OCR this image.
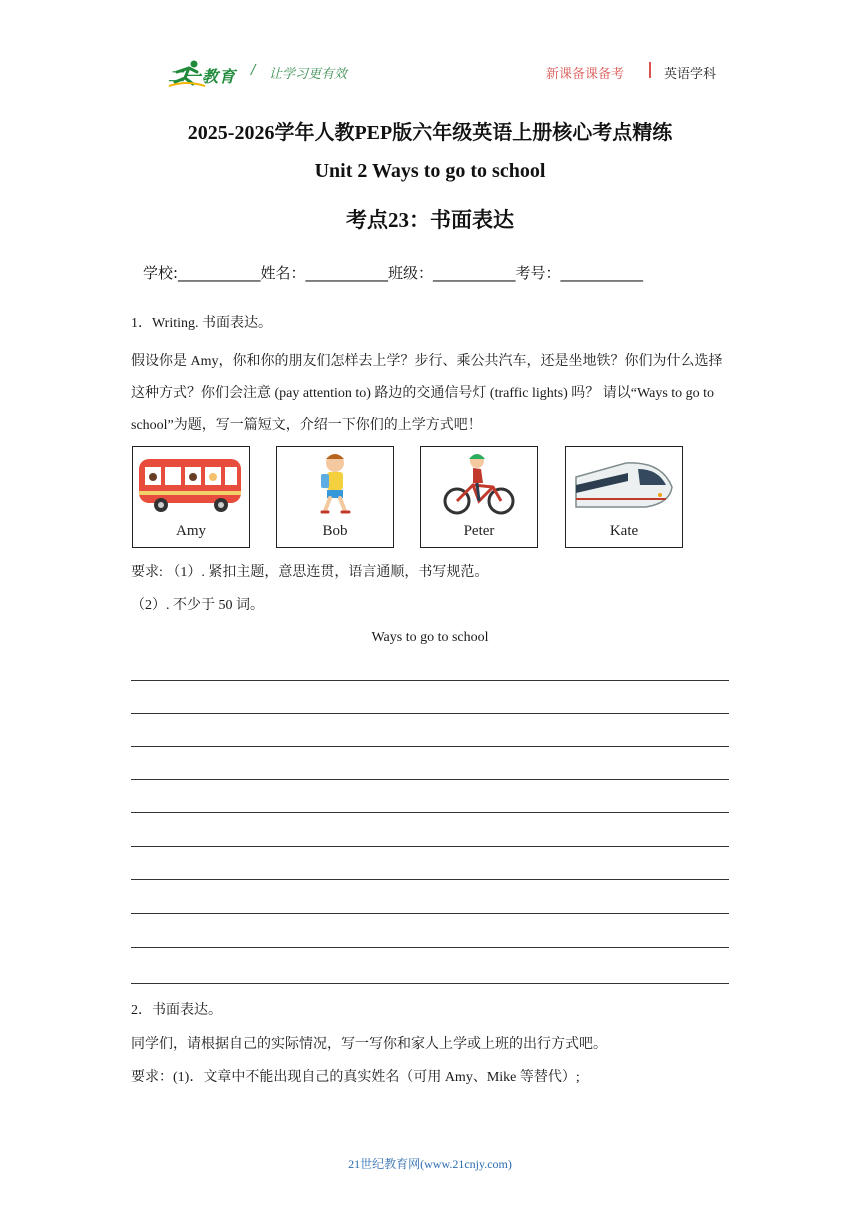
二一教育 / 让学习更有效	新课备课备考	英语学科
2025-2026学年人教PEP版六年级英语上册核心考点精练
Unit 2 Ways to go to school
考点23：书面表达
学校:___________姓名：___________班级：___________考号：___________
1．Writing. 书面表达。
假设你是 Amy，你和你的朋友们怎样去上学？步行、乘公共汽车，还是坐地铁？你们为什么选择这种方式？你们会注意 (pay attention to) 路边的交通信号灯 (traffic lights) 吗？ 请以“Ways to go to school”为题，写一篇短文，介绍一下你们的上学方式吧！
Amy	Bob	Peter	Kate
要求: （1）. 紧扣主题，意思连贯，语言通顺，书写规范。
（2）. 不少于 50 词。
Ways to go to school
2．书面表达。
同学们，请根据自己的实际情况，写一写你和家人上学或上班的出行方式吧。
要求：(1)．文章中不能出现自己的真实姓名（可用 Amy、Mike 等替代）;
21世纪教育网(www.21cnjy.com)
